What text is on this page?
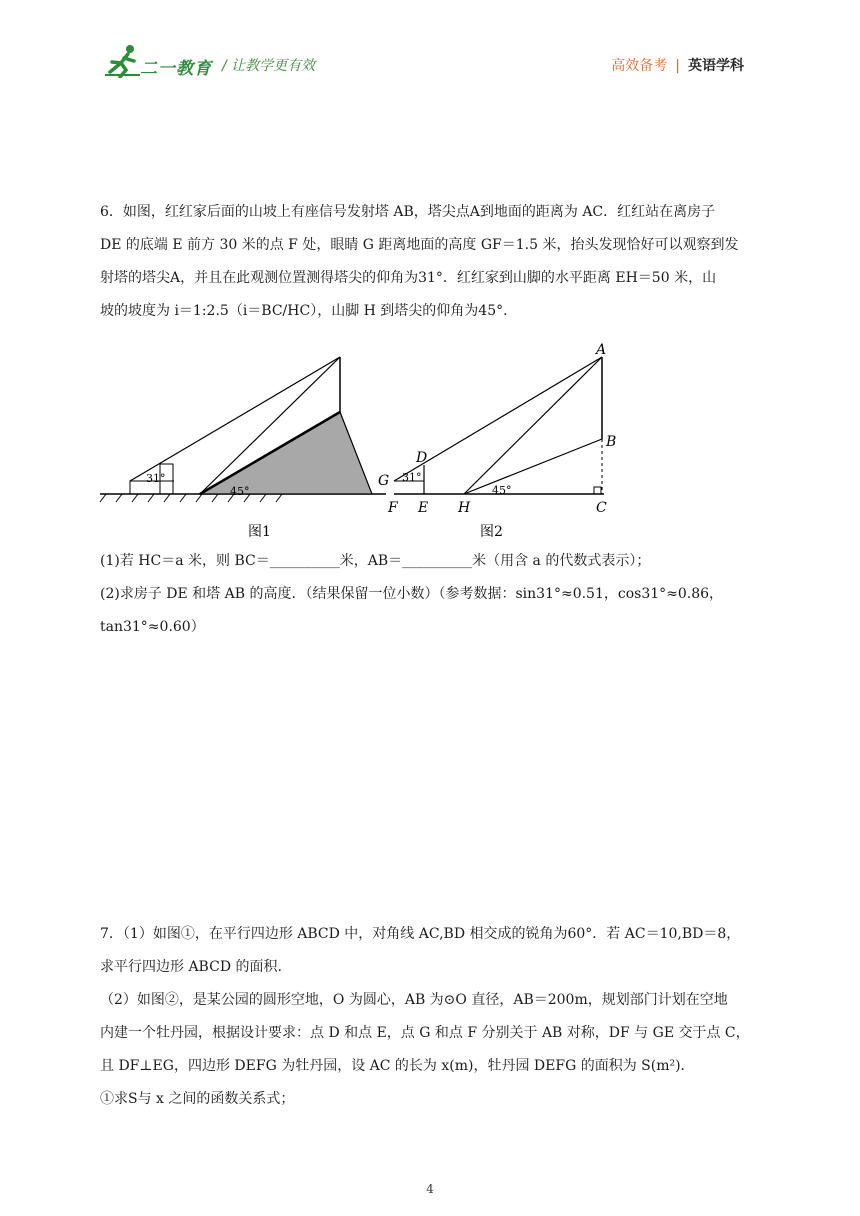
二一教育 / 让教学更有效	高效备考 | 英语学科

6．如图，红红家后面的山坡上有座信号发射塔 AB，塔尖点A到地面的距离为 AC．红红站在离房子

DE 的底端 E 前方 30 米的点 F 处，眼睛 G 距离地面的高度 GF＝1.5 米，抬头发现恰好可以观察到发

射塔的塔尖A，并且在此观测位置测得塔尖的仰角为31°．红红家到山脚的水平距离 EH＝50 米，山

坡的坡度为 i＝1:2.5（i＝BC/HC），山脚 H 到塔尖的仰角为45°．

31°
45°
图1
31°
45°
A
B
C
D
E
F
G
H
图2

(1)若 HC＝a 米，则 BC＝__________米，AB＝__________米（用含 a 的代数式表示）；

(2)求房子 DE 和塔 AB 的高度．（结果保留一位小数）（参考数据：sin31°≈0.51，cos31°≈0.86，

tan31°≈0.60）

7．（1）如图①，在平行四边形 ABCD 中，对角线 AC,BD 相交成的锐角为60°．若 AC＝10,BD＝8，

求平行四边形 ABCD 的面积.

（2）如图②，是某公园的圆形空地，O 为圆心，AB 为⊙O 直径，AB＝200m，规划部门计划在空地

内建一个牡丹园，根据设计要求：点 D 和点 E，点 G 和点 F 分别关于 AB 对称，DF 与 GE 交于点 C，

且 DF⊥EG，四边形 DEFG 为牡丹园，设 AC 的长为 x(m)，牡丹园 DEFG 的面积为 S(m²)．

①求S与 x 之间的函数关系式；

4
